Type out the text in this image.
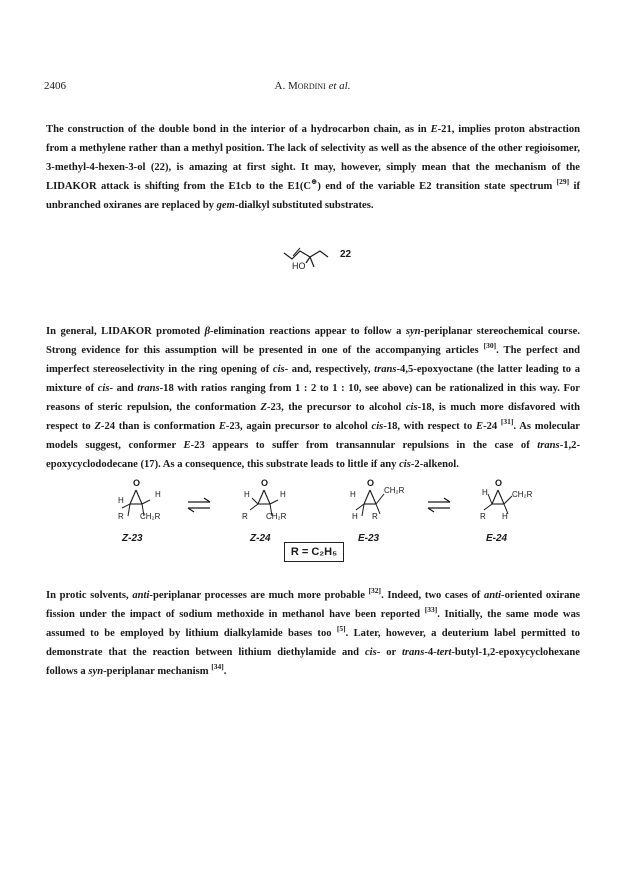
2406	A. Mordini et al.

The construction of the double bond in the interior of a hydrocarbon chain, as in E-21, implies proton abstraction from a methylene rather than a methyl position. The lack of selectivity as well as the absence of the other regioisomer, 3-methyl-4-hexen-3-ol (22), is amazing at first sight. It may, however, simply mean that the mechanism of the LIDAKOR attack is shifting from the E1cb to the E1(C⊕) end of the variable E2 transition state spectrum [29] if unbranched oxiranes are replaced by gem-dialkyl substituted substrates.

HO
22

In general, LIDAKOR promoted β-elimination reactions appear to follow a syn-periplanar stereochemical course. Strong evidence for this assumption will be presented in one of the accompanying articles [30]. The perfect and imperfect stereoselectivity in the ring opening of cis- and, respectively, trans-4,5-epoxyoctane (the latter leading to a mixture of cis- and trans-18 with ratios ranging from 1 : 2 to 1 : 10, see above) can be rationalized in this way. For reasons of steric repulsion, the conformation Z-23, the precursor to alcohol cis-18, is much more disfavored with respect to Z-24 than is conformation E-23, again precursor to alcohol cis-18, with respect to E-24 [31]. As molecular models suggest, conformer E-23 appears to suffer from transannular repulsions in the case of trans-1,2-epoxycyclododecane (17). As a consequence, this substrate leads to little if any cis-2-alkenol.

O
H
H
R CH₂R
O
H	H
R CH₂R
O
H	CH₂R
H R
O
H	CH₂R
R H
Z-23	Z-24	E-23	E-24
R = C₂H₅

In protic solvents, anti-periplanar processes are much more probable [32]. Indeed, two cases of anti-oriented oxirane fission under the impact of sodium methoxide in methanol have been reported [33]. Initially, the same mode was assumed to be employed by lithium dialkylamide bases too [5]. Later, however, a deuterium label permitted to demonstrate that the reaction between lithium diethylamide and cis- or trans-4-tert-butyl-1,2-epoxycyclohexane follows a syn-periplanar mechanism [34].
